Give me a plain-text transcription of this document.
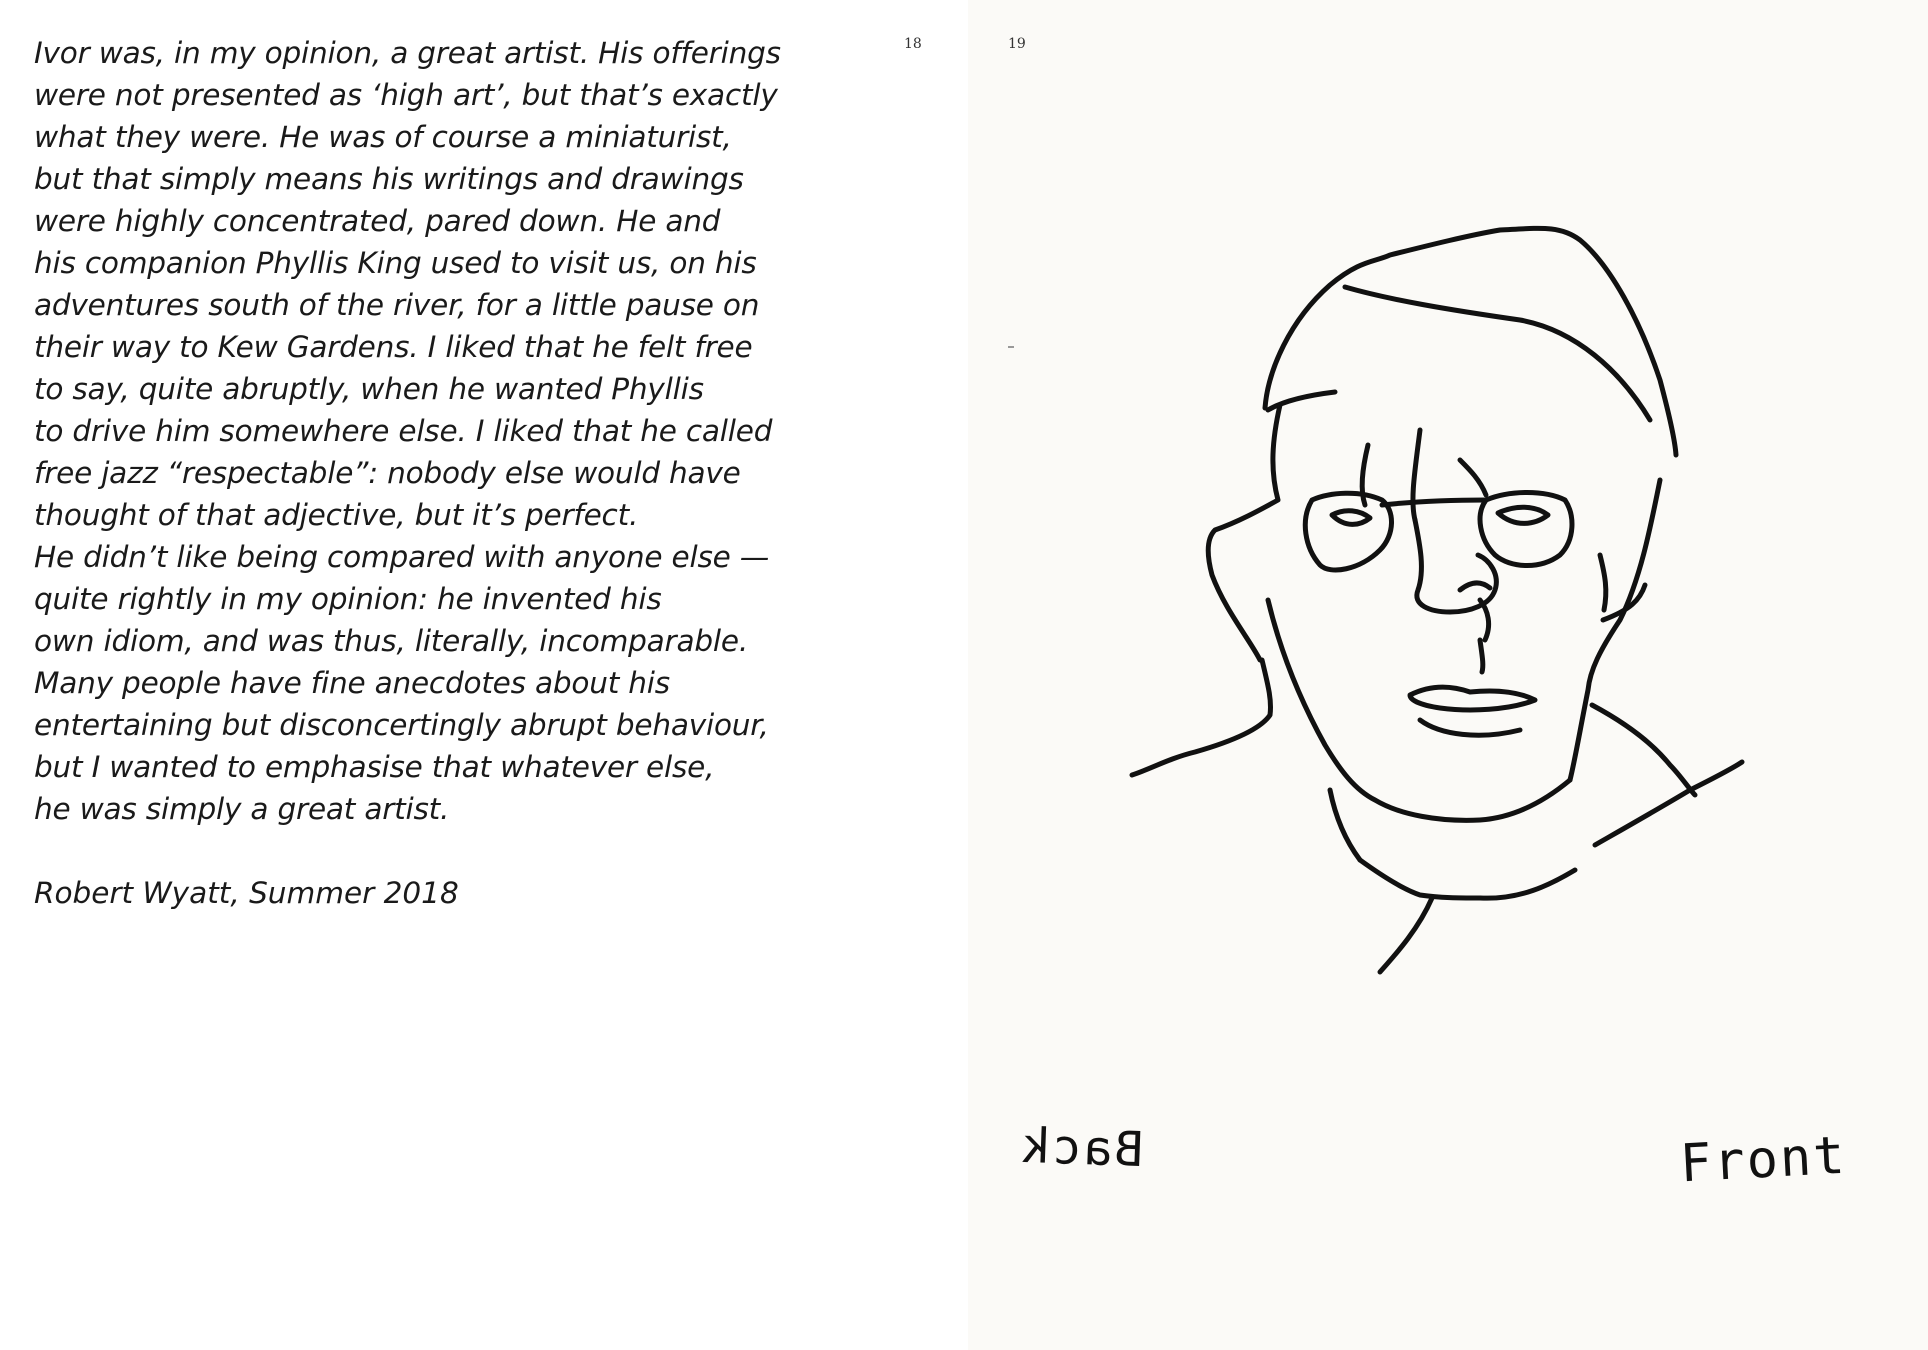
18	19
Ivor was, in my opinion, a great artist. His offerings
were not presented as ‘high art’, but that’s exactly
what they were. He was of course a miniaturist,
but that simply means his writings and drawings
were highly concentrated, pared down. He and
his companion Phyllis King used to visit us, on his
adventures south of the river, for a little pause on
their way to Kew Gardens. I liked that he felt free
to say, quite abruptly, when he wanted Phyllis
to drive him somewhere else. I liked that he called
free jazz “respectable”: nobody else would have
thought of that adjective, but it’s perfect.
He didn’t like being compared with anyone else —
quite rightly in my opinion: he invented his
own idiom, and was thus, literally, incomparable.
Many people have fine anecdotes about his
entertaining but disconcertingly abrupt behaviour,
but I wanted to emphasise that whatever else,
he was simply a great artist.
Robert Wyatt, Summer 2018
Back	Front
